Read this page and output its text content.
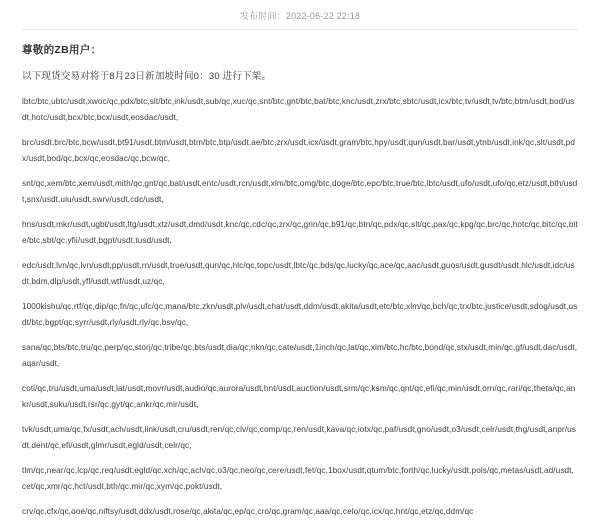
发布时间：2022-06-22 22:18
尊敬的ZB用户：
以下现货交易对将于8月23日新加坡时间0：30 进行下架。

lbtc/btc,ubtc/usdt,xwoc/qc,pdx/btc,slt/btc,ink/usdt,sub/qc,xuc/qc,snt/btc,gnt/btc,bat/btc,knc/usdt,zrx/btc,sbtc/usdt,icx/btc,tv/usdt,tv/btc,btm/usdt,bod/usdt,hotc/usdt,bcx/btc,bcx/usdt,eosdac/usdt,

brc/usdt,brc/btc,bcw/usdt,bt91/usdt,btm/usdt,btm/btc,btp/usdt,ae/btc,zrx/usdt,icx/usdt,gram/btc,hpy/usdt,qun/usdt,bar/usdt,ytnb/usdt,ink/qc,slt/usdt,pdx/usdt,bod/qc,bcx/qc,eosdac/qc,bcw/qc,

snt/qc,xem/btc,xem/usdt,mith/qc,gnt/qc,bat/usdt,entc/usdt,rcn/usdt,xlm/btc,omg/btc,doge/btc,epc/btc,true/btc,lbtc/usdt,ufo/usdt,ufo/qc,etz/usdt,bth/usdt,snx/usdt,uiu/usdt,swrv/usdt,cdc/usdt,

hns/usdt,mkr/usdt,ugbt/usdt,ltg/usdt,xtz/usdt,dmd/usdt,knc/qc,cdc/qc,zrx/qc,grin/qc,b91/qc,btn/qc,pdx/qc,slt/qc,pax/qc,kpg/qc,brc/qc,hotc/qc,bitc/qc,bite/btc,sbt/qc,yfii/usdt,bgpt/usdt,tusd/usdt,

edc/usdt,lvn/qc,lvn/usdt,pp/usdt,rn/usdt,true/usdt,qun/qc,hlc/qc,topc/usdt,lbtc/qc,bds/qc,lucky/qc,ace/qc,aac/usdt,guos/usdt,gusdt/usdt,hlc/usdt,idc/usdt,bdm,dlp/usdt,yfl/usdt,wtf/usdt,uz/qc,

1000kishu/qc,rtf/qc,dip/qc,fn/qc,ufc/qc,mana/btc,zkn/usdt,plv/usdt,chat/usdt,ddm/usdt,akita/usdt,etc/btc,xlm/qc,bch/qc,trx/btc,justice/usdt,sdog/usdt,usdt/btc,bgpt/qc,syrr/usdt,rly/usdt,rly/qc,bsv/qc,

sana/qc,bts/btc,tru/qc,perp/qc,storj/qc,tribe/qc,bts/usdt,dia/qc,nkn/qc,cate/usdt,1inch/qc,lat/qc,xim/btc,hc/btc,bond/qc,stx/usdt,min/qc,gf/usdt,dac/usdt,aqar/usdt,

coti/qc,tru/usdt,uma/usdt,lat/usdt,movr/usdt,audio/qc,aurora/usdt,hnt/usdt,auction/usdt,srm/qc,ksm/qc,qnt/qc,efi/qc,min/usdt,orn/qc,rari/qc,theta/qc,ankr/usdt,suku/usdt,rsr/qc,gyt/qc,ankr/qc,mir/usdt,

tvk/usdt,uma/qc,fx/usdt,ach/usdt,link/usdt,cru/usdt,ren/qc,clv/qc,comp/qc,ren/usdt,kava/qc,iotx/qc,paf/usdt,gno/usdt,o3/usdt,celr/usdt,thg/usdt,anpr/usdt,dent/qc,efi/usdt,glmr/usdt,egld/usdt,celr/qc,

tlm/qc,near/qc,lcp/qc,req/usdt,egld/qc,xch/qc,ach/qc,o3/qc,neo/qc,cere/usdt,fet/qc,1box/usdt,qtum/btc,forth/qc,lucky/usdt,pols/qc,metas/usdt,ad/usdt,cet/qc,xmr/qc,hct/usdt,bth/qc,mir/qc,xym/qc,pokt/usdt,

crv/qc,cfx/qc,ooe/qc,niftsy/usdt,ddx/usdt,rose/qc,akita/qc,ep/qc,cro/qc,gram/qc,aaa/qc,celo/qc,icx/qc,hnt/qc,etz/qc,ddm/qc
